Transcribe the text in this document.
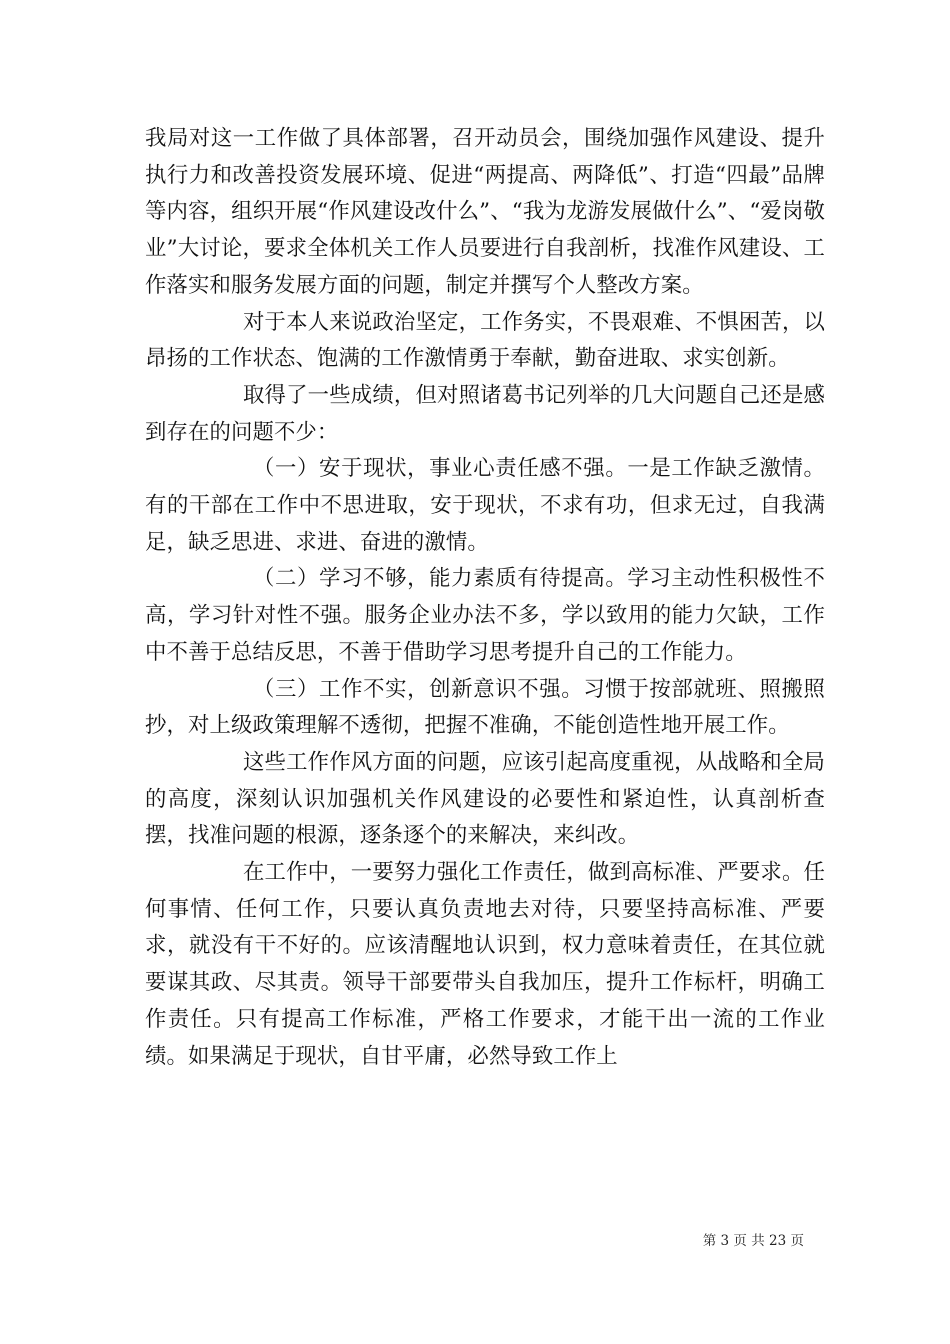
我局对这一工作做了具体部署，召开动员会，围绕加强作风建设、提升执行力和改善投资发展环境、促进“两提高、两降低”、打造“四最”品牌等内容，组织开展“作风建设改什么”、“我为龙游发展做什么”、“爱岗敬业”大讨论，要求全体机关工作人员要进行自我剖析，找准作风建设、工作落实和服务发展方面的问题，制定并撰写个人整改方案。

对于本人来说政治坚定，工作务实，不畏艰难、不惧困苦，以昂扬的工作状态、饱满的工作激情勇于奉献，勤奋进取、求实创新。

取得了一些成绩，但对照诸葛书记列举的几大问题自己还是感到存在的问题不少：

（一）安于现状，事业心责任感不强。一是工作缺乏激情。有的干部在工作中不思进取，安于现状，不求有功，但求无过，自我满足，缺乏思进、求进、奋进的激情。

（二）学习不够，能力素质有待提高。学习主动性积极性不高，学习针对性不强。服务企业办法不多，学以致用的能力欠缺，工作中不善于总结反思，不善于借助学习思考提升自己的工作能力。

（三）工作不实，创新意识不强。习惯于按部就班、照搬照抄，对上级政策理解不透彻，把握不准确，不能创造性地开展工作。

这些工作作风方面的问题，应该引起高度重视，从战略和全局的高度，深刻认识加强机关作风建设的必要性和紧迫性，认真剖析查摆，找准问题的根源，逐条逐个的来解决，来纠改。

在工作中，一要努力强化工作责任，做到高标准、严要求。任何事情、任何工作，只要认真负责地去对待，只要坚持高标准、严要求，就没有干不好的。应该清醒地认识到，权力意味着责任，在其位就要谋其政、尽其责。领导干部要带头自我加压，提升工作标杆，明确工作责任。只有提高工作标准，严格工作要求，才能干出一流的工作业绩。如果满足于现状，自甘平庸，必然导致工作上

第 3 页 共 23 页
